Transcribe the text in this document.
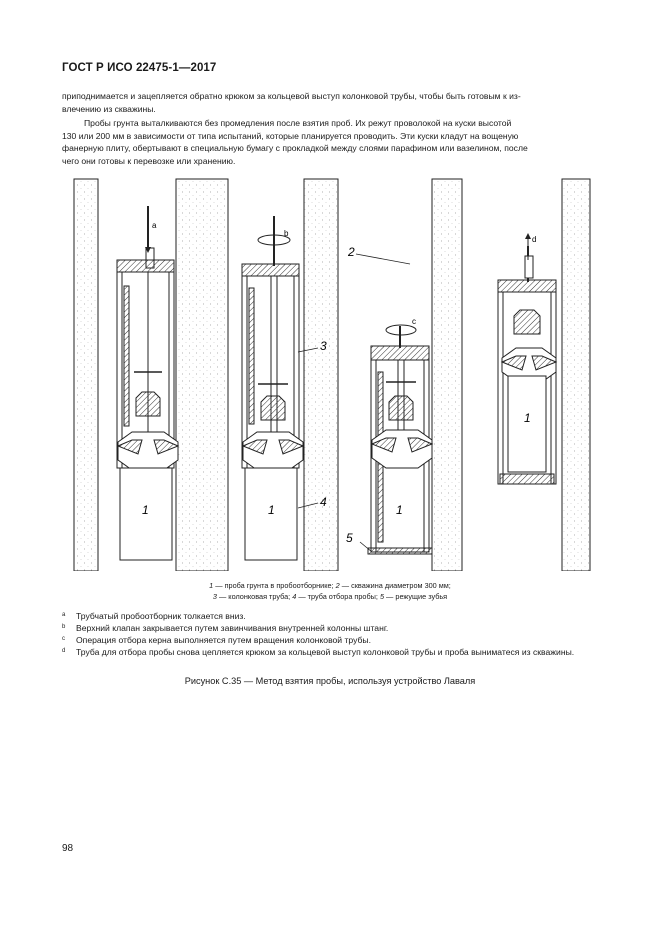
ГОСТ Р ИСО 22475-1—2017

приподнимается и зацепляется обратно крюком за кольцевой выступ колонковой трубы, чтобы быть готовым к из-
влечению из скважины.

Пробы грунта выталкиваются без промедления после взятия проб. Их режут проволокой на куски высотой
130 или 200 мм в зависимости от типа испытаний, которые планируется проводить. Эти куски кладут на вощеную
фанерную плиту, обертывают в специальную бумагу с прокладкой между слоями парафином или вазелином, после
чего они готовы к перевозке или хранению.

a
b
c
d
1	1	1
1
2
3
4
5
1 — проба грунта в пробоотборнике; 2 — скважина диаметром 300 мм;
3 — колонковая труба; 4 — труба отбора пробы; 5 — режущие зубья
a Трубчатый пробоотборник толкается вниз.
b Верхний клапан закрывается путем завинчивания внутренней колонны штанг.
c Операция отбора керна выполняется путем вращения колонковой трубы.
d Труба для отбора пробы снова цепляется крюком за кольцевой выступ колонковой трубы и проба выниматеся из скважины.
Рисунок С.35 — Метод взятия пробы, используя устройство Лаваля
98
